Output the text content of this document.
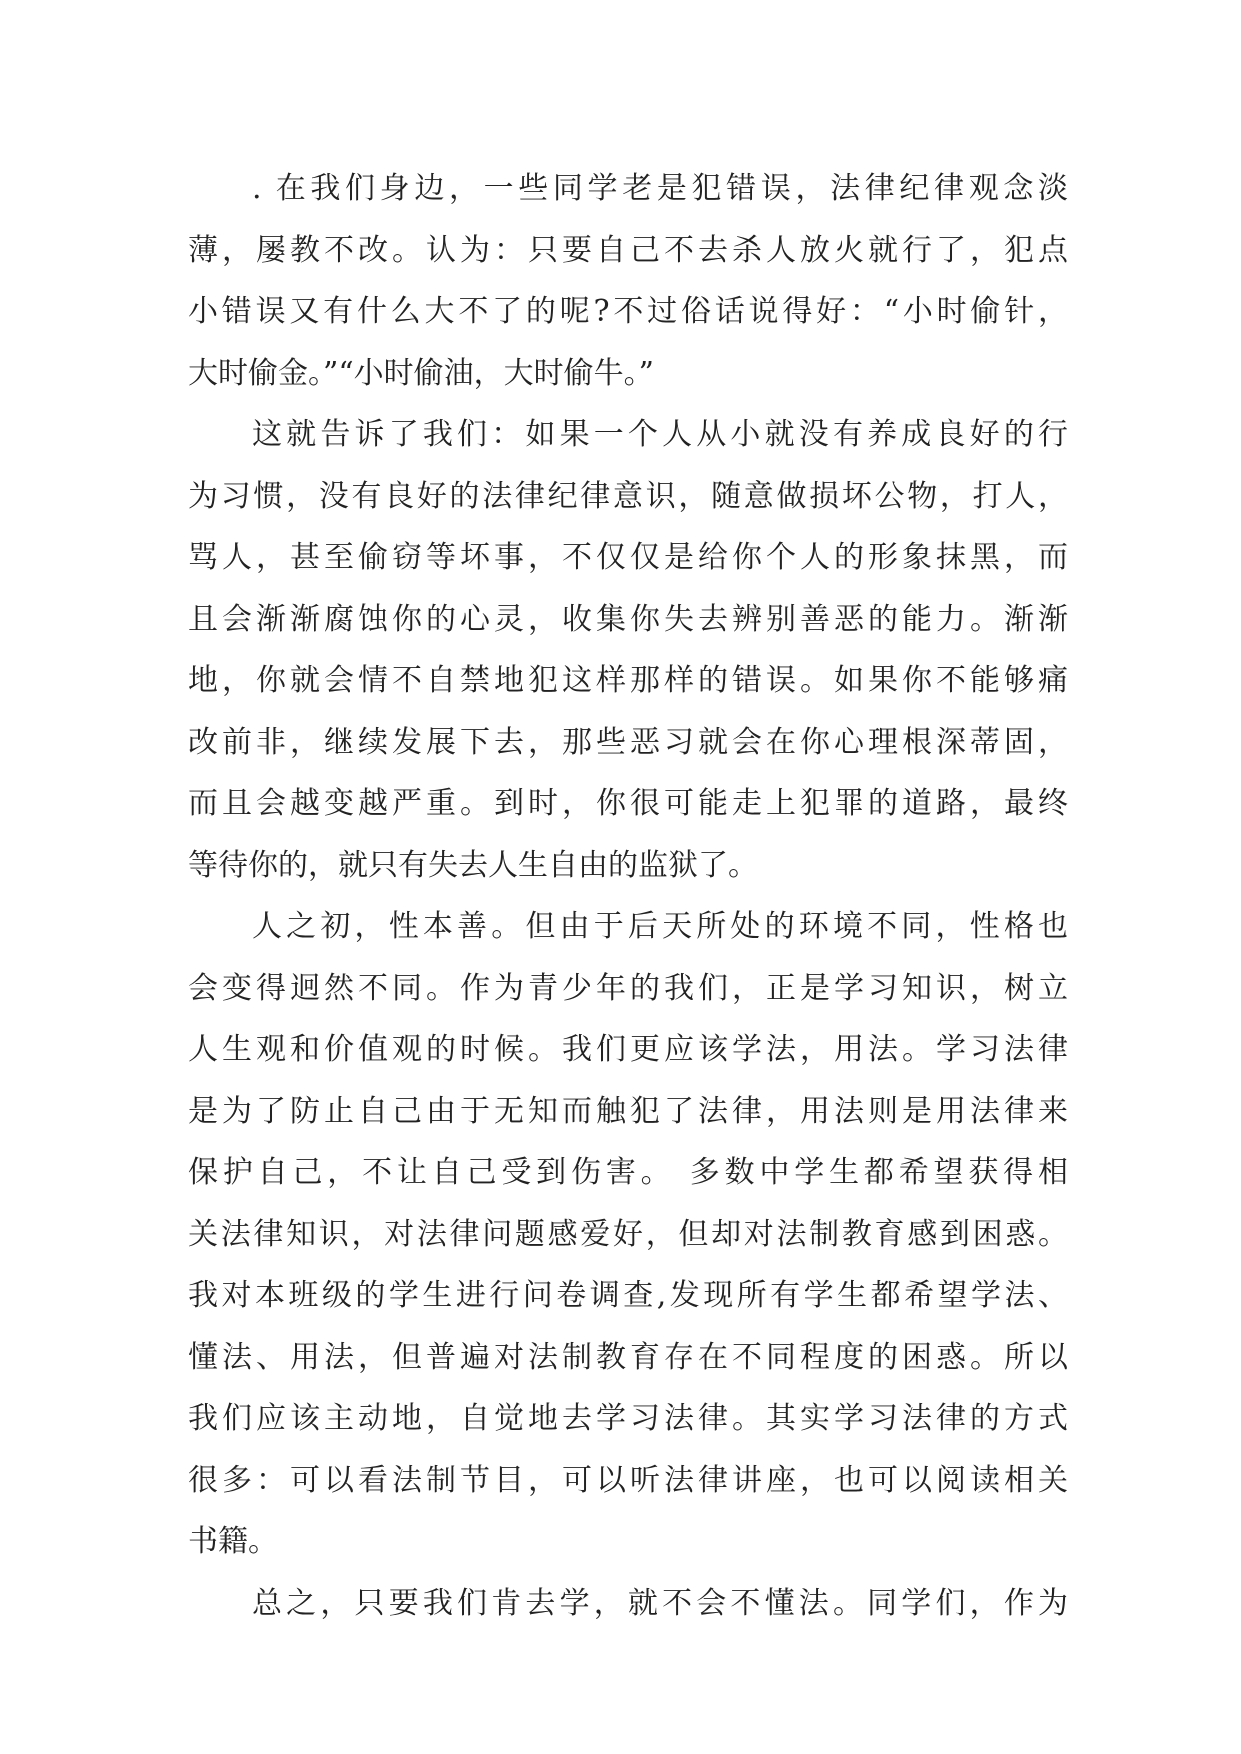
. 在我们身边，一些同学老是犯错误，法律纪律观念淡
薄，屡教不改。认为：只要自己不去杀人放火就行了，犯点
小错误又有什么大不了的呢?不过俗话说得好：“小时偷针，
大时偷金。”“小时偷油，大时偷牛。”
这就告诉了我们：如果一个人从小就没有养成良好的行
为习惯，没有良好的法律纪律意识，随意做损坏公物，打人，
骂人，甚至偷窃等坏事，不仅仅是给你个人的形象抹黑，而
且会渐渐腐蚀你的心灵，收集你失去辨别善恶的能力。渐渐
地，你就会情不自禁地犯这样那样的错误。如果你不能够痛
改前非，继续发展下去，那些恶习就会在你心理根深蒂固，
而且会越变越严重。到时，你很可能走上犯罪的道路，最终
等待你的，就只有失去人生自由的监狱了。
人之初，性本善。但由于后天所处的环境不同，性格也
会变得迥然不同。作为青少年的我们，正是学习知识，树立
人生观和价值观的时候。我们更应该学法，用法。学习法律
是为了防止自己由于无知而触犯了法律，用法则是用法律来
保护自己，不让自己受到伤害。 多数中学生都希望获得相
关法律知识，对法律问题感爱好，但却对法制教育感到困惑。
我对本班级的学生进行问卷调查,发现所有学生都希望学法、
懂法、用法，但普遍对法制教育存在不同程度的困惑。所以
我们应该主动地，自觉地去学习法律。其实学习法律的方式
很多：可以看法制节目，可以听法律讲座，也可以阅读相关
书籍。
总之，只要我们肯去学，就不会不懂法。同学们，作为
